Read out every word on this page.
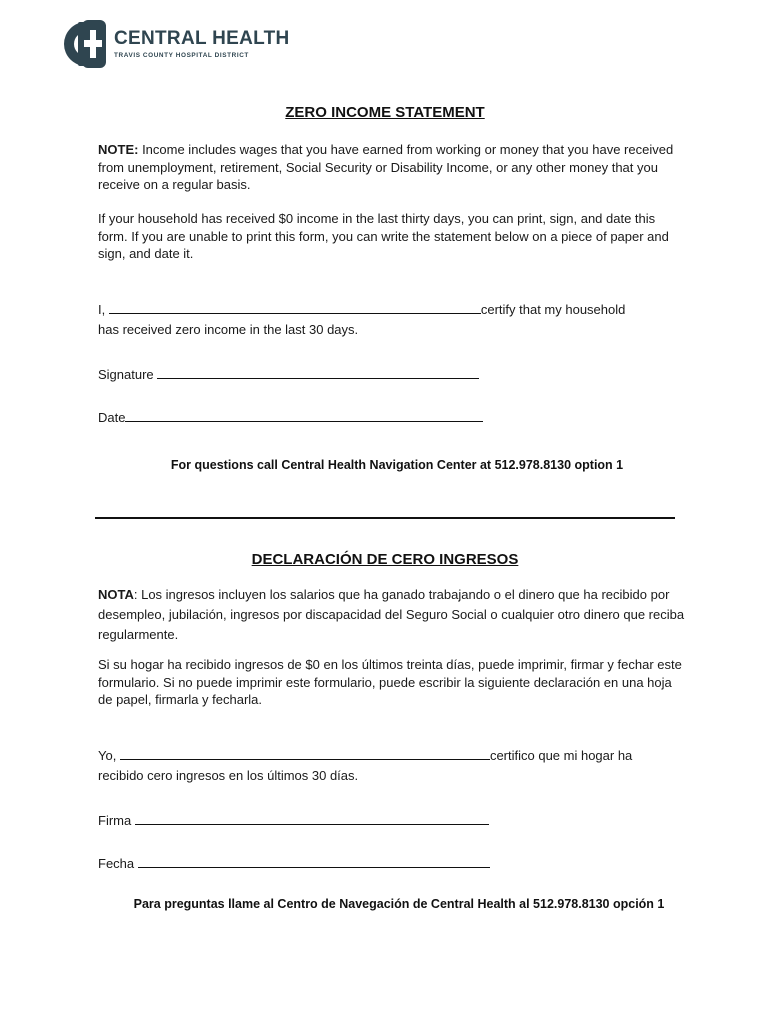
CENTRAL HEALTH
TRAVIS COUNTY HOSPITAL DISTRICT
ZERO INCOME STATEMENT

NOTE: Income includes wages that you have earned from working or money that you have received from unemployment, retirement, Social Security or Disability Income, or any other money that you receive on a regular basis.

If your household has received $0 income in the last thirty days, you can print, sign, and date this form. If you are unable to print this form, you can write the statement below on a piece of paper and sign, and date it.

I,	certify that my household
has received zero income in the last 30 days.
Signature
Date
For questions call Central Health Navigation Center at 512.978.8130 option 1
DECLARACIÓN DE CERO INGRESOS

NOTA: Los ingresos incluyen los salarios que ha ganado trabajando o el dinero que ha recibido por desempleo, jubilación, ingresos por discapacidad del Seguro Social o cualquier otro dinero que reciba regularmente.

Si su hogar ha recibido ingresos de $0 en los últimos treinta días, puede imprimir, firmar y fechar este formulario. Si no puede imprimir este formulario, puede escribir la siguiente declaración en una hoja de papel, firmarla y fecharla.

Yo,	certifico que mi hogar ha
recibido cero ingresos en los últimos 30 días.
Firma
Fecha
Para preguntas llame al Centro de Navegación de Central Health al 512.978.8130 opción 1
